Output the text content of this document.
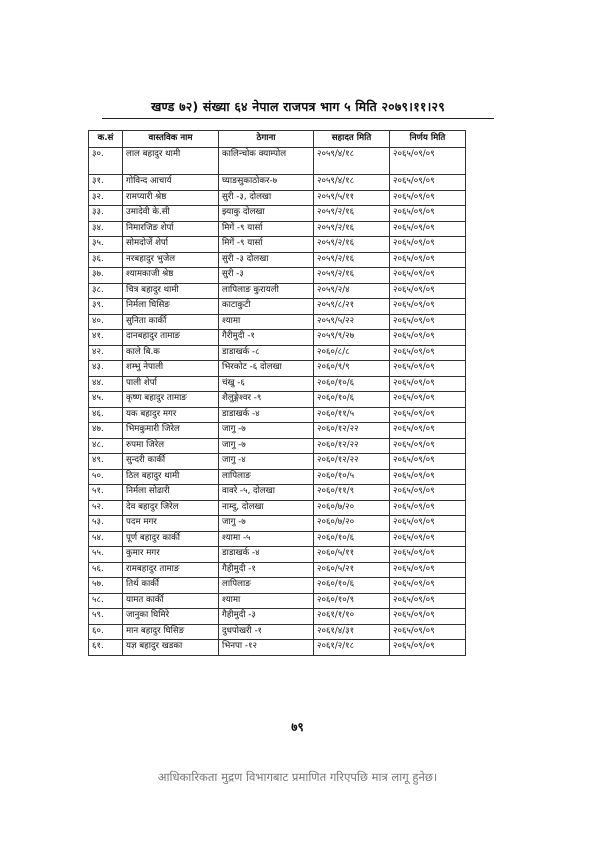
खण्ड ७२) संख्या ६४ नेपाल राजपत्र भाग ५ मिति २०७९।११।२९
क.सं	वास्तविक नाम	ठेगाना	सहादत मिति	निर्णय मिति
३०.	लाल बहादुर थामी	कालिन्चोक क्याम्पोल	२०५९/४/१८	२०६५/०९/०९
३१.	गोविन्द आचार्य	घ्याङसुकाठोकर-७	२०५९/४/१८	२०६५/०९/०९
३२.	रामप्यारी श्रेष्ठ	सुरी -३, दोलखा	२०५९/५/११	२०६५/०९/०९
३३.	उमादेवी के.सी	झ्याकु दोलखा	२०५९/२/१६	२०६५/०९/०९
३४.	निमारजिङ शेर्पा	मिगें -९ यार्सा	२०५९/२/१६	२०६५/०९/०९
३५.	सोमदोर्जे शेर्पा	मिगें -९ यार्सा	२०५९/२/१६	२०६५/०९/०९
३६.	नरबहादुर भुजेल	सुरी -३ दोलखा	२०५९/२/१६	२०६५/०९/०९
३७.	श्यामकाजी श्रेष्ठ	सुरी -३	२०५९/२/१६	२०६५/०९/०९
३८.	चित्र बहादुर थामी	लापिलाङ कुरायली	२०५९/२/४	२०६५/०९/०९
३९.	निर्मला घिसिङ	काटाकुटी	२०५९/८/२१	२०६५/०९/०९
४०.	सुनिता कार्की	श्यामा	२०५९/५/२२	२०६५/०९/०९
४१.	दानबहादुर तामाङ	गैरीमुदी -१	२०५९/९/२७	२०६५/०९/०९
४२.	काले बि.क	डाडाखर्क -८	२०६०/८/८	२०६५/०९/०९
४३.	शम्भु नेपाली	भिरकोट -६ दोलखा	२०६०/९/९	२०६५/०९/०९
४४.	पाली शेर्पा	चंखु -६	२०६०/१०/६	२०६५/०९/०९
४५.	कृष्ण बहादुर तामाङ	शैलुङ्गेश्वर -९	२०६०/१०/६	२०६५/०९/०९
४६.	यक बहादुर मगर	डाडाखर्क -४	२०६०/११/५	२०६५/०९/०९
४७.	भिमकुमारी जिरेल	जागु -७	२०६०/१२/२२	२०६५/०९/०९
४८.	रुपमा जिरेल	जागु -७	२०६०/१२/२२	२०६५/०९/०९
४९.	सुन्दरी कार्की	जागु -४	२०६०/१२/२२	२०६५/०९/०९
५०.	ठिल बहादुर थामी	लापिलाङ	२०६०/१०/५	२०६५/०९/०९
५१.	निर्मला सोढारी	वावरे -५, दोलखा	२०६०/११/९	२०६५/०९/०९
५२.	देव बहादुर जिरेल	नाम्दु, दोलखा	२०६०/७/२०	२०६५/०९/०९
५३.	पदम मगर	जागु -७	२०६०/७/२०	२०६५/०९/०९
५४.	पूर्ण बहादुर कार्की	श्यामा -५	२०६०/१०/६	२०६५/०९/०९
५५.	कुमार मगर	डाडाखर्क -४	२०६०/५/११	२०६५/०९/०९
५६.	रामबहादुर तामाङ	गैहीमुदी -१	२०६०/५/२१	२०६५/०९/०९
५७.	तिर्थ कार्की	लापिलाङ	२०६०/१०/६	२०६५/०९/०९
५८.	यामत कार्की	श्यामा	२०६०/१०/९	२०६५/०९/०९
५९.	जानुका घिमिरे	गैहीमुदी -३	२०६१/१/१०	२०६५/०९/०९
६०.	मान बहादुर घिसिङ	दुधपोखरी -१	२०६१/४/३१	२०६५/०९/०९
६१.	यज्ञ बहादुर खडका	भिनपा -१२	२०६१/२/१८	२०६५/०९/०९
७९
आधिकारिकता मुद्रण विभागबाट प्रमाणित गरिएपछि मात्र लागू हुनेछ।
